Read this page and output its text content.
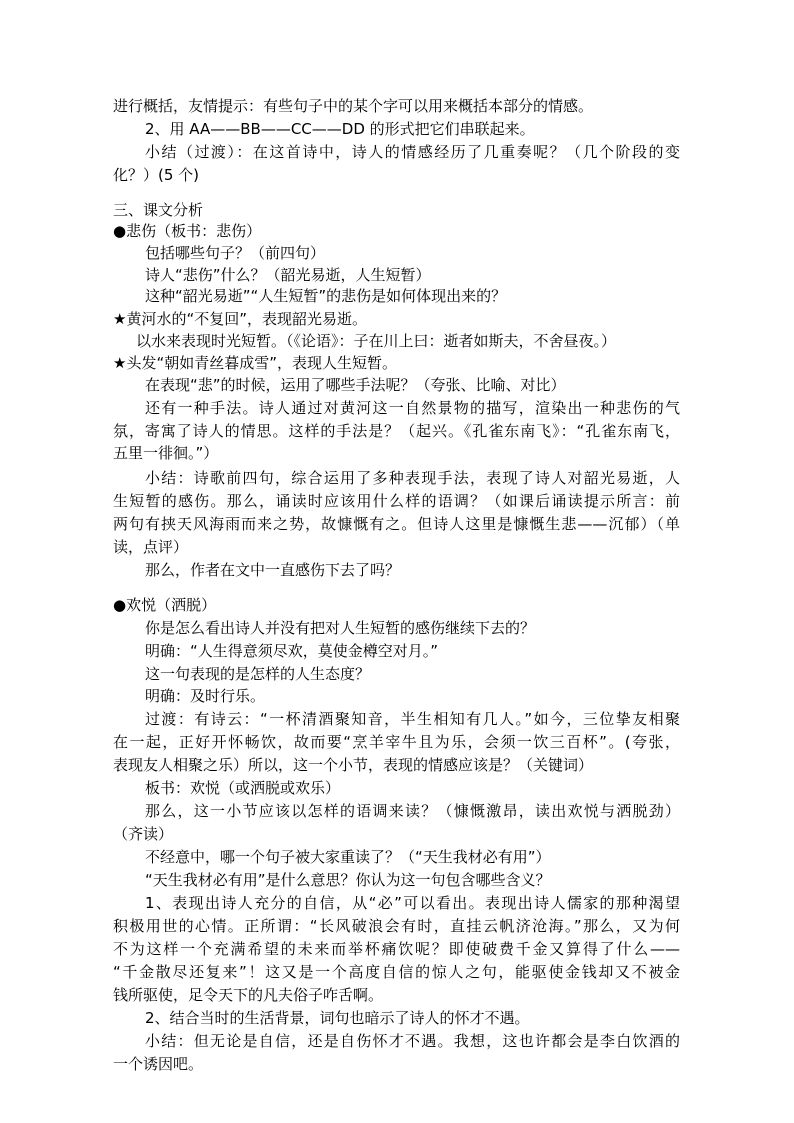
进行概括，友情提示：有些句子中的某个字可以用来概括本部分的情感。
2、用 AA——BB——CC——DD 的形式把它们串联起来。
小结（过渡）：在这首诗中，诗人的情感经历了几重奏呢？（几个阶段的变
化？）(5 个)
三、课文分析
●悲伤（板书：悲伤）
包括哪些句子？（前四句）
诗人“悲伤”什么？（韶光易逝，人生短暂）
这种“韶光易逝”“人生短暂”的悲伤是如何体现出来的？
★黄河水的“不复回”，表现韶光易逝。
以水来表现时光短暂。（《论语》：子在川上曰：逝者如斯夫，不舍昼夜。）
★头发“朝如青丝暮成雪”，表现人生短暂。
在表现“悲”的时候，运用了哪些手法呢？（夸张、比喻、对比）
还有一种手法。诗人通过对黄河这一自然景物的描写，渲染出一种悲伤的气
氛，寄寓了诗人的情思。这样的手法是？（起兴。《孔雀东南飞》：“孔雀东南飞，
五里一徘徊。”）
小结：诗歌前四句，综合运用了多种表现手法，表现了诗人对韶光易逝，人
生短暂的感伤。那么，诵读时应该用什么样的语调？（如课后诵读提示所言：前
两句有挟天风海雨而来之势，故慷慨有之。但诗人这里是慷慨生悲——沉郁）（单
读，点评）
那么，作者在文中一直感伤下去了吗？
●欢悦（洒脱）
你是怎么看出诗人并没有把对人生短暂的感伤继续下去的？
明确：“人生得意须尽欢，莫使金樽空对月。”
这一句表现的是怎样的人生态度？
明确：及时行乐。
过渡：有诗云：“一杯清酒聚知音，半生相知有几人。”如今，三位挚友相聚
在一起，正好开怀畅饮，故而要“烹羊宰牛且为乐，会须一饮三百杯”。(夸张，
表现友人相聚之乐）所以，这一个小节，表现的情感应该是？（关键词）
板书：欢悦（或洒脱或欢乐）
那么，这一小节应该以怎样的语调来读？（慷慨激昂，读出欢悦与洒脱劲）
（齐读）
不经意中，哪一个句子被大家重读了？（“天生我材必有用”）
“天生我材必有用”是什么意思？你认为这一句包含哪些含义？
1、表现出诗人充分的自信，从“必”可以看出。表现出诗人儒家的那种渴望
积极用世的心情。正所谓：“长风破浪会有时，直挂云帆济沧海。”那么，又为何
不为这样一个充满希望的未来而举杯痛饮呢？即使破费千金又算得了什么——
“千金散尽还复来”！这又是一个高度自信的惊人之句，能驱使金钱却又不被金
钱所驱使，足令天下的凡夫俗子咋舌啊。
2、结合当时的生活背景，词句也暗示了诗人的怀才不遇。
小结：但无论是自信，还是自伤怀才不遇。我想，这也许都会是李白饮酒的
一个诱因吧。
